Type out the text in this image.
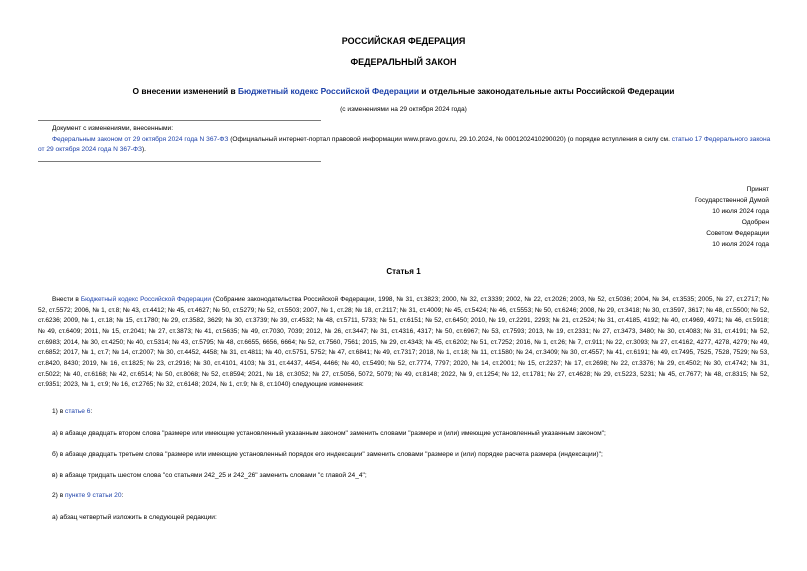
РОССИЙСКАЯ ФЕДЕРАЦИЯ
ФЕДЕРАЛЬНЫЙ ЗАКОН
О внесении изменений в Бюджетный кодекс Российской Федерации и отдельные законодательные акты Российской Федерации
(с изменениями на 29 октября 2024 года)
Документ с изменениями, внесенными:
Федеральным законом от 29 октября 2024 года N 367-ФЗ (Официальный интернет-портал правовой информации www.pravo.gov.ru, 29.10.2024, № 0001202410290020) (о порядке вступления в силу см. статью 17 Федерального закона от 29 октября 2024 года N 367-ФЗ).
Принят
Государственной Думой
10 июля 2024 года
Одобрен
Советом Федерации
10 июля 2024 года
Статья 1
Внести в Бюджетный кодекс Российской Федерации (Собрание законодательства Российской Федерации, 1998, № 31, ст.3823; 2000, № 32, ст.3339; 2002, № 22, ст.2026; 2003, № 52, ст.5036; 2004, № 34, ст.3535; 2005, № 27, ст.2717; № 52, ст.5572; 2006, № 1, ст.8; № 43, ст.4412; № 45, ст.4627; № 50, ст.5279; № 52, ст.5503; 2007, № 1, ст.28; № 18, ст.2117; № 31, ст.4009; № 45, ст.5424; № 46, ст.5553; № 50, ст.6246; 2008, № 29, ст.3418; № 30, ст.3597, 3617; № 48, ст.5500; № 52, ст.6236; 2009, № 1, ст.18; № 15, ст.1780; № 29, ст.3582, 3629; № 30, ст.3739; № 39, ст.4532; № 48, ст.5711, 5733; № 51, ст.6151; № 52, ст.6450; 2010, № 19, ст.2291, 2293; № 21, ст.2524; № 31, ст.4185, 4192; № 40, ст.4969, 4971; № 46, ст.5918; № 49, ст.6409; 2011, № 15, ст.2041; № 27, ст.3873; № 41, ст.5635; № 49, ст.7030, 7039; 2012, № 26, ст.3447; № 31, ст.4316, 4317; № 50, ст.6967; № 53, ст.7593; 2013, № 19, ст.2331; № 27, ст.3473, 3480; № 30, ст.4083; № 31, ст.4191; № 52, ст.6983; 2014, № 30, ст.4250; № 40, ст.5314; № 43, ст.5795; № 48, ст.6655, 6656, 6664; № 52, ст.7560, 7561; 2015, № 29, ст.4343; № 45, ст.6202; № 51, ст.7252; 2016, № 1, ст.26; № 7, ст.911; № 22, ст.3093; № 27, ст.4162, 4277, 4278, 4279; № 49, ст.6852; 2017, № 1, ст.7; № 14, ст.2007; № 30, ст.4452, 4458; № 31, ст.4811; № 40, ст.5751, 5752; № 47, ст.6841; № 49, ст.7317; 2018, № 1, ст.18; № 11, ст.1580; № 24, ст.3409; № 30, ст.4557; № 41, ст.6191; № 49, ст.7495, 7525, 7528, 7529; № 53, ст.8420, 8430; 2019, № 16, ст.1825; № 23, ст.2916; № 30, ст.4101, 4103; № 31, ст.4437, 4454, 4466; № 40, ст.5490; № 52, ст.7774, 7797; 2020, № 14, ст.2001; № 15, ст.2237; № 17, ст.2698; № 22, ст.3376; № 29, ст.4502; № 30, ст.4742; № 31, ст.5022; № 40, ст.6168; № 42, ст.6514; № 50, ст.8068; № 52, ст.8594; 2021, № 18, ст.3052; № 27, ст.5056, 5072, 5079; № 49, ст.8148; 2022, № 9, ст.1254; № 12, ст.1781; № 27, ст.4628; № 29, ст.5223, 5231; № 45, ст.7677; № 48, ст.8315; № 52, ст.9351; 2023, № 1, ст.9; № 16, ст.2765; № 32, ст.6148; 2024, № 1, ст.9; № 8, ст.1040) следующие изменения:
1) в статье 6:
а) в абзаце двадцать втором слова "размере или имеющие установленный указанным законом" заменить словами "размере и (или) имеющие установленный указанным законом";
б) в абзаце двадцать третьем слова "размере или имеющие установленный порядок его индексации" заменить словами "размере и (или) порядке расчета размера (индексации)";
в) в абзаце тридцать шестом слова "со статьями 242_25 и 242_26" заменить словами "с главой 24_4";
2) в пункте 9 статьи 20:
а) абзац четвертый изложить в следующей редакции:
